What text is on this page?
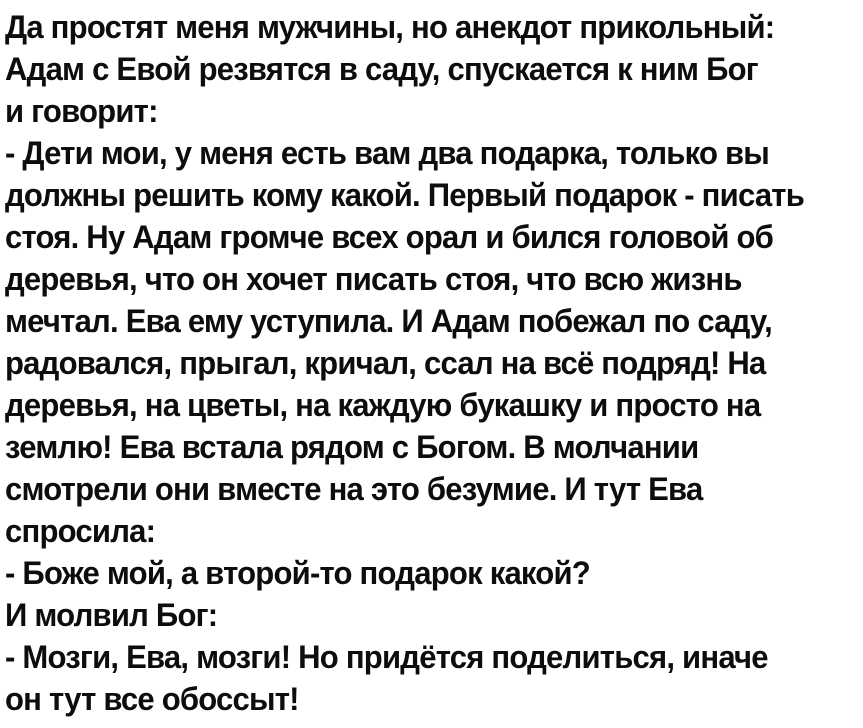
Да простят меня мужчины, но анекдот прикольный:
Адам с Евой резвятся в саду, спускается к ним Бог
и говорит:
- Дети мои, у меня есть вам два подарка, только вы
должны решить кому какой. Первый подарок - писать
стоя. Ну Адам громче всех орал и бился головой об
деревья, что он хочет писать стоя, что всю жизнь
мечтал. Ева ему уступила. И Адам побежал по саду,
радовался, прыгал, кричал, ссал на всё подряд! На
деревья, на цветы, на каждую букашку и просто на
землю! Ева встала рядом с Богом. В молчании
смотрели они вместе на это безумие. И тут Ева
спросила:
- Боже мой, а второй-то подарок какой?
И молвил Бог:
- Мозги, Ева, мозги! Но придётся поделиться, иначе
он тут все обоссыт!
